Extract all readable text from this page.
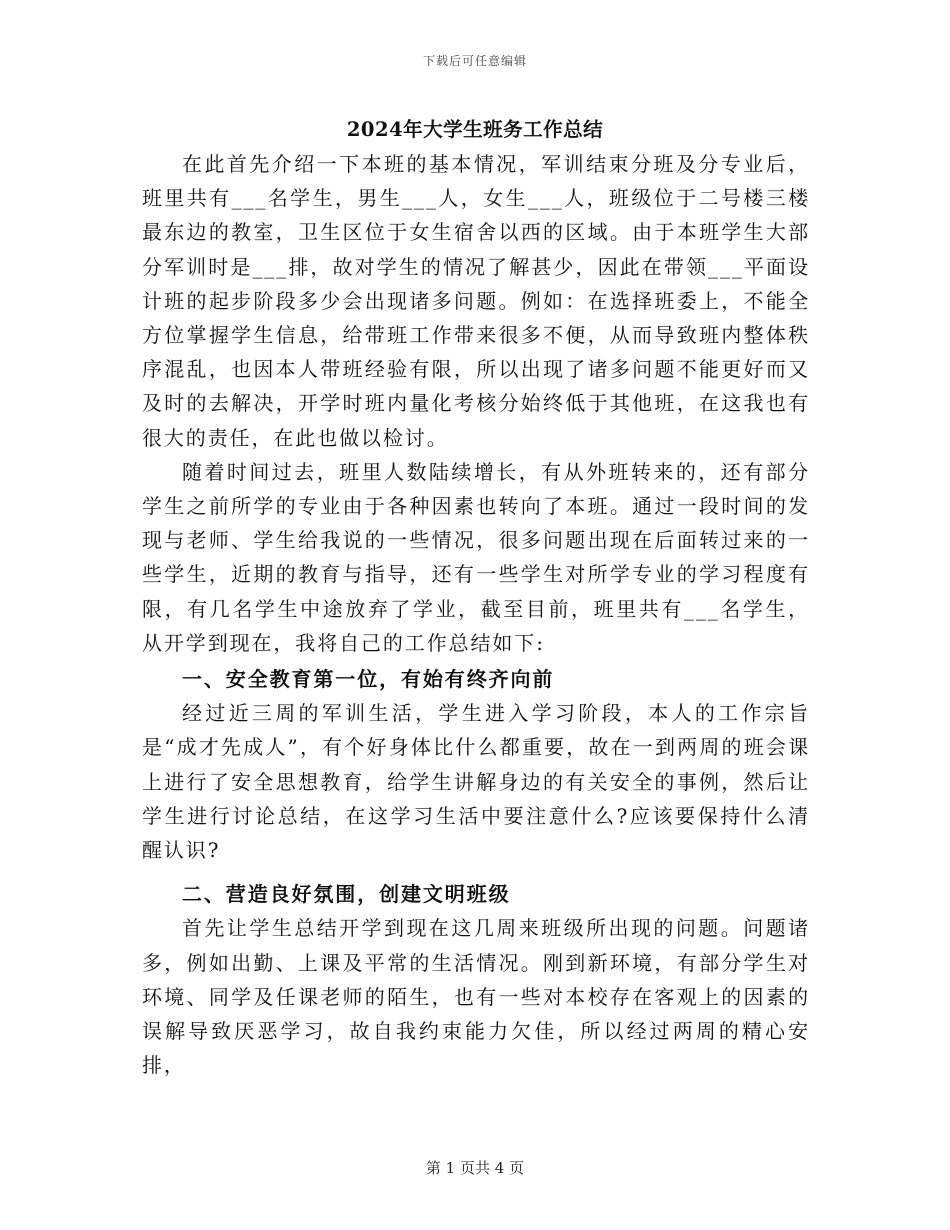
下载后可任意编辑
2024年大学生班务工作总结

在此首先介绍一下本班的基本情况，军训结束分班及分专业后，班里共有___名学生，男生___人，女生___人，班级位于二号楼三楼最东边的教室，卫生区位于女生宿舍以西的区域。由于本班学生大部分军训时是___排，故对学生的情况了解甚少，因此在带领___平面设计班的起步阶段多少会出现诸多问题。例如：在选择班委上，不能全方位掌握学生信息，给带班工作带来很多不便，从而导致班内整体秩序混乱，也因本人带班经验有限，所以出现了诸多问题不能更好而又及时的去解决，开学时班内量化考核分始终低于其他班，在这我也有很大的责任，在此也做以检讨。

随着时间过去，班里人数陆续增长，有从外班转来的，还有部分学生之前所学的专业由于各种因素也转向了本班。通过一段时间的发现与老师、学生给我说的一些情况，很多问题出现在后面转过来的一些学生，近期的教育与指导，还有一些学生对所学专业的学习程度有限，有几名学生中途放弃了学业，截至目前，班里共有___名学生，从开学到现在，我将自己的工作总结如下:

一、安全教育第一位，有始有终齐向前

经过近三周的军训生活，学生进入学习阶段，本人的工作宗旨是“成才先成人”，有个好身体比什么都重要，故在一到两周的班会课上进行了安全思想教育，给学生讲解身边的有关安全的事例，然后让学生进行讨论总结，在这学习生活中要注意什么?应该要保持什么清醒认识?

二、营造良好氛围，创建文明班级

首先让学生总结开学到现在这几周来班级所出现的问题。问题诸多，例如出勤、上课及平常的生活情况。刚到新环境，有部分学生对环境、同学及任课老师的陌生，也有一些对本校存在客观上的因素的误解导致厌恶学习，故自我约束能力欠佳，所以经过两周的精心安排，

第 1 页共 4 页
